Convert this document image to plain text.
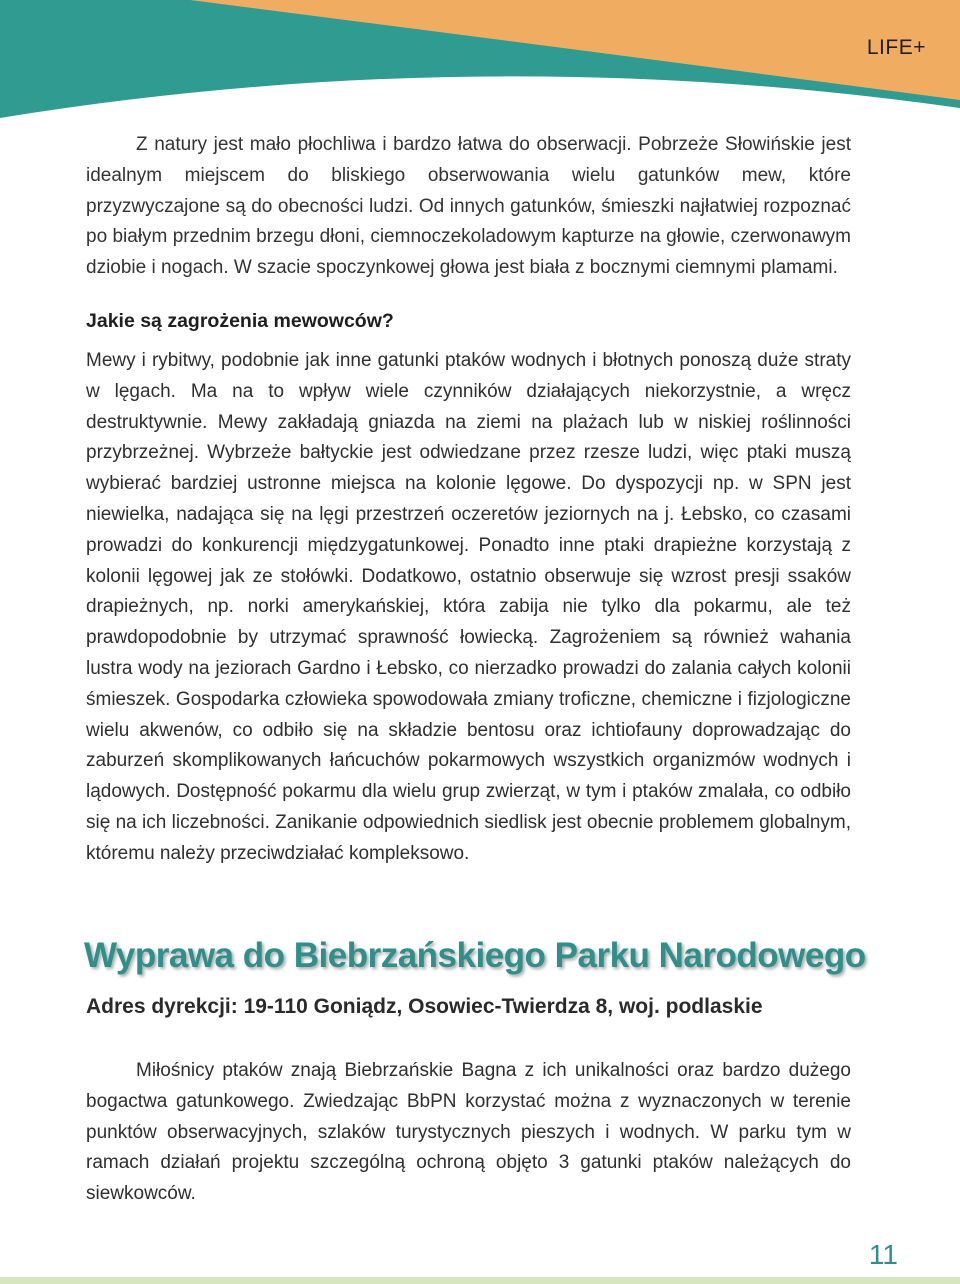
LIFE+
Z natury jest mało płochliwa i bardzo łatwa do obserwacji. Pobrzeże Słowińskie jest idealnym miejscem do bliskiego obserwowania wielu gatunków mew, które przyzwyczajone są do obecności ludzi. Od innych gatunków, śmieszki najłatwiej rozpoznać po białym przednim brzegu dłoni, ciemnoczekoladowym kapturze na głowie, czerwonawym dziobie i nogach. W szacie spoczynkowej głowa jest biała z bocznymi ciemnymi plamami.
Jakie są zagrożenia mewowców?
Mewy i rybitwy, podobnie jak inne gatunki ptaków wodnych i błotnych ponoszą duże straty w lęgach. Ma na to wpływ wiele czynników działających niekorzystnie, a wręcz destruktywnie. Mewy zakładają gniazda na ziemi na plażach lub w niskiej roślinności przybrzeżnej. Wybrzeże bałtyckie jest odwiedzane przez rzesze ludzi, więc ptaki muszą wybierać bardziej ustronne miejsca na kolonie lęgowe. Do dyspozycji np. w SPN jest niewielka, nadająca się na lęgi przestrzeń oczeretów jeziornych na j. Łebsko, co czasami prowadzi do konkurencji międzygatunkowej. Ponadto inne ptaki drapieżne korzystają z kolonii lęgowej jak ze stołówki. Dodatkowo, ostatnio obserwuje się wzrost presji ssaków drapieżnych, np. norki amerykańskiej, która zabija nie tylko dla pokarmu, ale też prawdopodobnie by utrzymać sprawność łowiecką. Zagrożeniem są również wahania lustra wody na jeziorach Gardno i Łebsko, co nierzadko prowadzi do zalania całych kolonii śmieszek. Gospodarka człowieka spowodowała zmiany troficzne, chemiczne i fizjologiczne wielu akwenów, co odbiło się na składzie bentosu oraz ichtiofauny doprowadzając do zaburzeń skomplikowanych łańcuchów pokarmowych wszystkich organizmów wodnych i lądowych. Dostępność pokarmu dla wielu grup zwierząt, w tym i ptaków zmalała, co odbiło się na ich liczebności. Zanikanie odpowiednich siedlisk jest obecnie problemem globalnym, któremu należy przeciwdziałać kompleksowo.
Wyprawa do Biebrzańskiego Parku Narodowego
Adres dyrekcji: 19-110 Goniądz, Osowiec-Twierdza 8, woj. podlaskie
Miłośnicy ptaków znają Biebrzańskie Bagna z ich unikalności oraz bardzo dużego bogactwa gatunkowego. Zwiedzając BbPN korzystać można z wyznaczonych w terenie punktów obserwacyjnych, szlaków turystycznych pieszych i wodnych. W parku tym w ramach działań projektu szczególną ochroną objęto 3 gatunki ptaków należących do siewkowców.
11
